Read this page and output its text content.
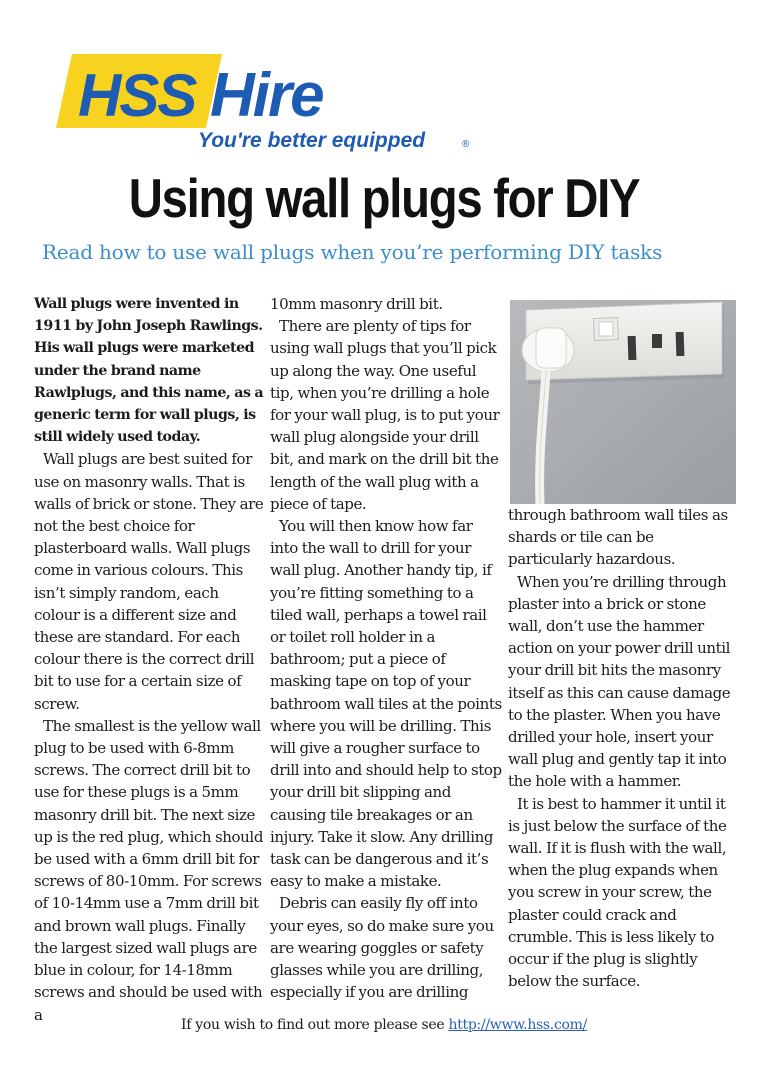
HSS Hire
You're better equipped	®
Using wall plugs for DIY
Read how to use wall plugs when you’re performing DIY tasks

Wall plugs were invented in 1911 by John Joseph Rawlings. His wall plugs were marketed under the brand name Rawlplugs, and this name, as a generic term for wall plugs, is still widely used today.

Wall plugs are best suited for use on masonry walls. That is walls of brick or stone. They are not the best choice for plasterboard walls. Wall plugs come in various colours. This isn’t simply random, each colour is a different size and these are standard. For each colour there is the correct drill bit to use for a certain size of screw.

The smallest is the yellow wall plug to be used with 6-8mm screws. The correct drill bit to use for these plugs is a 5mm masonry drill bit. The next size up is the red plug, which should be used with a 6mm drill bit for screws of 80-10mm. For screws of 10-14mm use a 7mm drill bit and brown wall plugs. Finally the largest sized wall plugs are blue in colour, for 14-18mm screws and should be used with a

10mm masonry drill bit.

There are plenty of tips for using wall plugs that you’ll pick up along the way. One useful tip, when you’re drilling a hole for your wall plug, is to put your wall plug alongside your drill bit, and mark on the drill bit the length of the wall plug with a piece of tape.

You will then know how far into the wall to drill for your wall plug. Another handy tip, if you’re fitting something to a tiled wall, perhaps a towel rail or toilet roll holder in a bathroom; put a piece of masking tape on top of your bathroom wall tiles at the points where you will be drilling. This will give a rougher surface to drill into and should help to stop your drill bit slipping and causing tile breakages or an injury. Take it slow. Any drilling task can be dangerous and it’s easy to make a mistake.

Debris can easily fly off into your eyes, so do make sure you are wearing goggles or safety glasses while you are drilling, especially if you are drilling

through bathroom wall tiles as shards or tile can be particularly hazardous.

When you’re drilling through plaster into a brick or stone wall, don’t use the hammer action on your power drill until your drill bit hits the masonry itself as this can cause damage to the plaster. When you have drilled your hole, insert your wall plug and gently tap it into the hole with a hammer.

It is best to hammer it until it is just below the surface of the wall. If it is flush with the wall, when the plug expands when you screw in your screw, the plaster could crack and crumble. This is less likely to occur if the plug is slightly below the surface.

If you wish to find out more please see http://www.hss.com/
